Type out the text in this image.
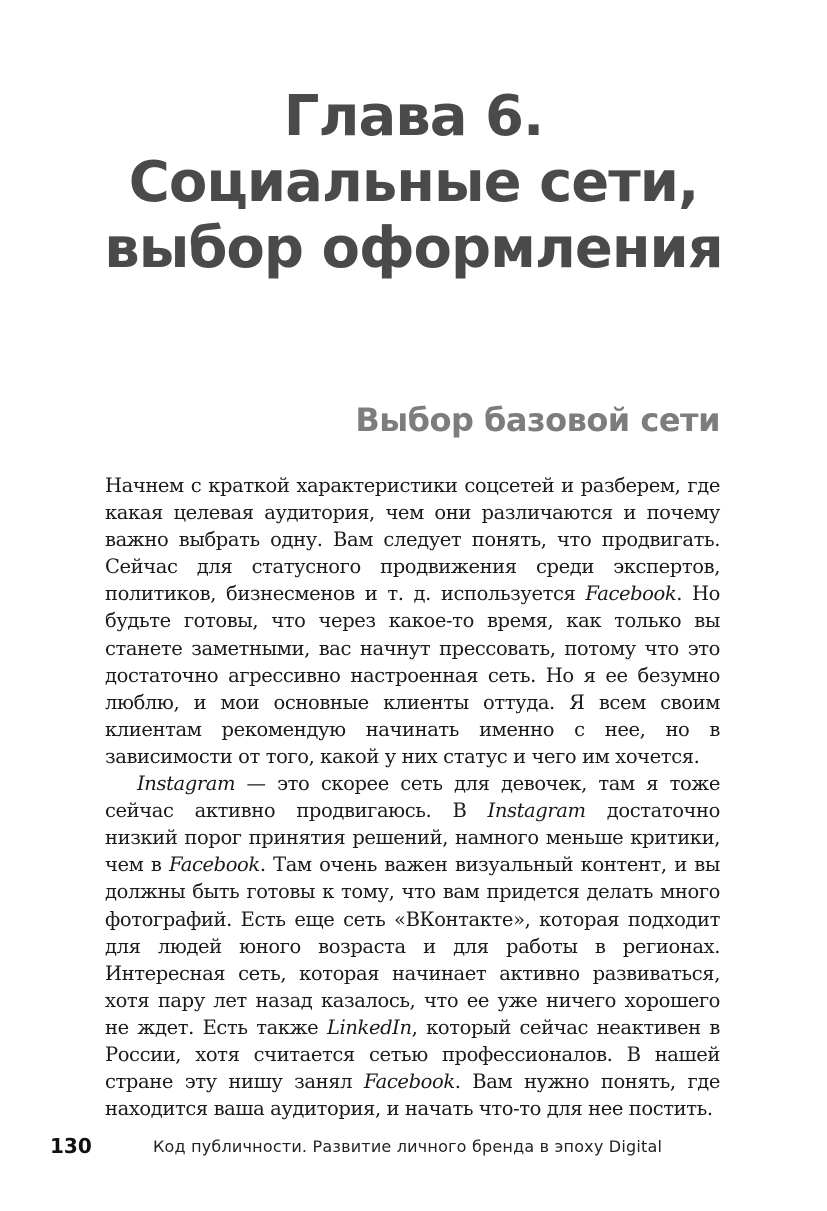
Глава 6.
Социальные сети,
выбор оформления
Выбор базовой сети

Начнем с краткой характеристики соцсетей и разберем, где какая целевая аудитория, чем они различаются и почему важно выбрать одну. Вам следует понять, что продвигать. Сейчас для статусного продвижения среди экспертов, политиков, бизнесменов и т. д. используется Facebook. Но будьте готовы, что через какое-то время, как только вы станете заметными, вас начнут прессовать, потому что это достаточно агрессивно настроенная сеть. Но я ее безумно люблю, и мои основные клиенты оттуда. Я всем своим клиентам рекомендую начинать именно с нее, но в зависимости от того, какой у них статус и чего им хочется.

Instagram — это скорее сеть для девочек, там я тоже сейчас активно продвигаюсь. В Instagram достаточно низкий порог принятия решений, намного меньше критики, чем в Facebook. Там очень важен визуальный контент, и вы должны быть готовы к тому, что вам придется делать много фотографий. Есть еще сеть «ВКонтакте», которая подходит для людей юного возраста и для работы в регионах. Интересная сеть, которая начинает активно развиваться, хотя пару лет назад казалось, что ее уже ничего хорошего не ждет. Есть также LinkedIn, который сейчас неактивен в России, хотя считается сетью профессионалов. В нашей стране эту нишу занял Facebook. Вам нужно понять, где находится ваша аудитория, и начать что-то для нее постить.

130	Код публичности. Развитие личного бренда в эпоху Digital
